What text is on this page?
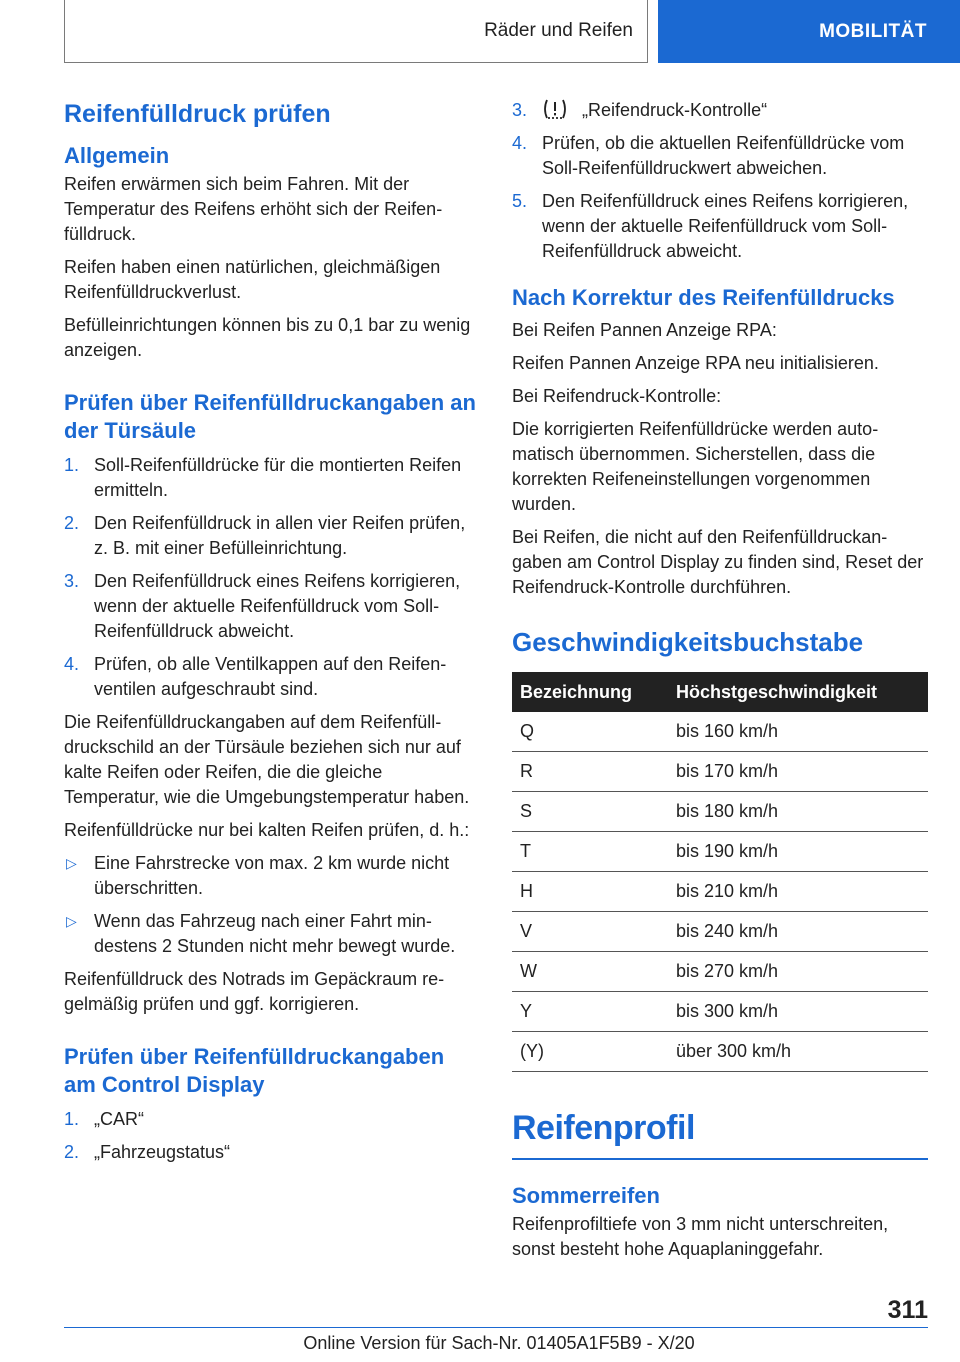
Räder und Reifen	MOBILITÄT
Reifenfülldruck prüfen
Allgemein

Reifen erwärmen sich beim Fahren. Mit der Temperatur des Reifens erhöht sich der Reifenfülldruck.

Reifen haben einen natürlichen, gleichmäßigen Reifenfülldruckverlust.

Befülleinrichtungen können bis zu 0,1 bar zu wenig anzeigen.

Prüfen über Reifenfülldruckangaben an der Türsäule
1. Soll-Reifenfülldrücke für die montierten Reifen ermitteln.
2. Den Reifenfülldruck in allen vier Reifen prüfen, z. B. mit einer Befülleinrichtung.
3. Den Reifenfülldruck eines Reifens korrigieren, wenn der aktuelle Reifenfülldruck vom Soll-Reifenfülldruck abweicht.
4. Prüfen, ob alle Ventilkappen auf den Reifenventilen aufgeschraubt sind.

Die Reifenfülldruckangaben auf dem Reifenfülldruckschild an der Türsäule beziehen sich nur auf kalte Reifen oder Reifen, die die gleiche Temperatur, wie die Umgebungstemperatur haben.

Reifenfülldrücke nur bei kalten Reifen prüfen, d. h.:

▷ Eine Fahrstrecke von max. 2 km wurde nicht überschritten.
▷ Wenn das Fahrzeug nach einer Fahrt mindestens 2 Stunden nicht mehr bewegt wurde.

Reifenfülldruck des Notrads im Gepäckraum regelmäßig prüfen und ggf. korrigieren.

Prüfen über Reifenfülldruckangaben am Control Display
1. „CAR“
2. „Fahrzeugstatus“
3.	„Reifendruck-Kontrolle“
4. Prüfen, ob die aktuellen Reifenfülldrücke vom Soll-Reifenfülldruckwert abweichen.
5. Den Reifenfülldruck eines Reifens korrigieren, wenn der aktuelle Reifenfülldruck vom Soll-Reifenfülldruck abweicht.
Nach Korrektur des Reifenfülldrucks

Bei Reifen Pannen Anzeige RPA:

Reifen Pannen Anzeige RPA neu initialisieren.

Bei Reifendruck-Kontrolle:

Die korrigierten Reifenfülldrücke werden automatisch übernommen. Sicherstellen, dass die korrekten Reifeneinstellungen vorgenommen wurden.

Bei Reifen, die nicht auf den Reifenfülldruckangaben am Control Display zu finden sind, Reset der Reifendruck-Kontrolle durchführen.

Geschwindigkeitsbuchstabe
Bezeichnung	Höchstgeschwindigkeit
Q	bis 160 km/h
R	bis 170 km/h
S	bis 180 km/h
T	bis 190 km/h
H	bis 210 km/h
V	bis 240 km/h
W	bis 270 km/h
Y	bis 300 km/h
(Y)	über 300 km/h
Reifenprofil
Sommerreifen

Reifenprofiltiefe von 3 mm nicht unterschreiten, sonst besteht hohe Aquaplaninggefahr.

311
Online Version für Sach-Nr. 01405A1F5B9 - X/20
